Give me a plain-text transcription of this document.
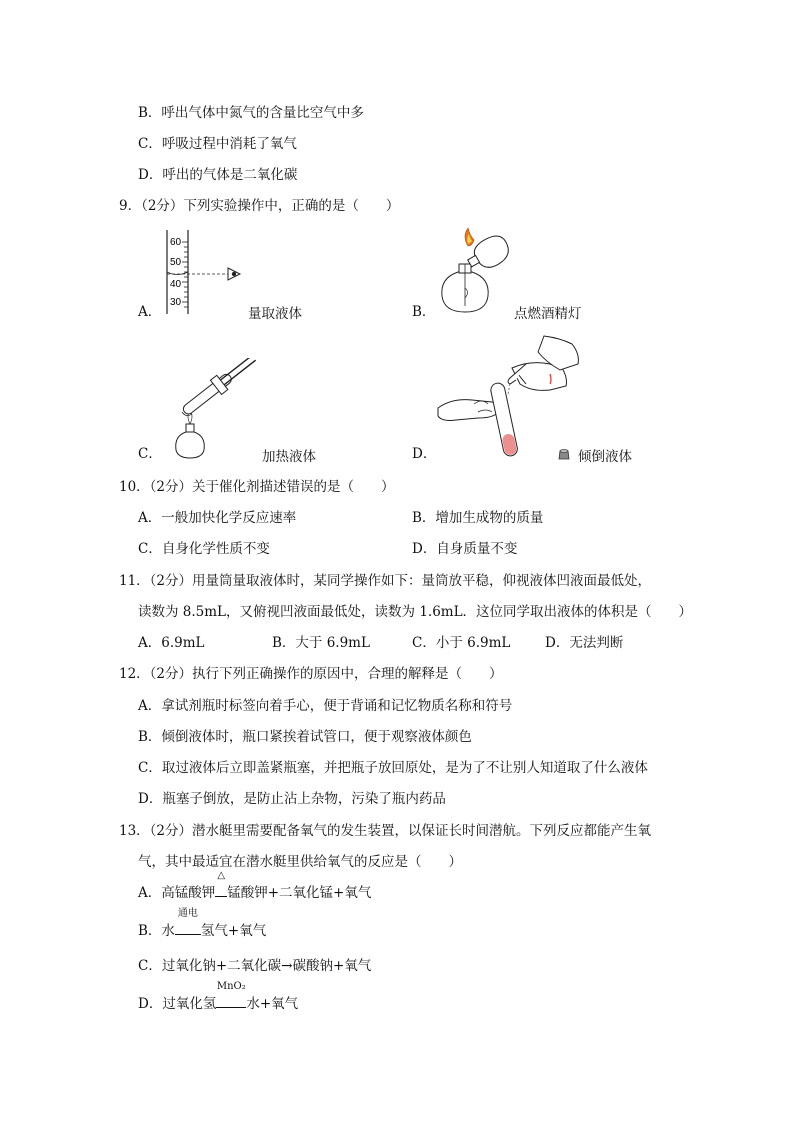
B．呼出气体中氮气的含量比空气中多
C．呼吸过程中消耗了氧气
D．呼出的气体是二氧化碳
9．（2分）下列实验操作中，正确的是（　　）
A．
60
50
40
30
量取液体	B．	点燃酒精灯
C．	加热液体	D．	倾倒液体
10．（2分）关于催化剂描述错误的是（　　）
A．一般加快化学反应速率	B．增加生成物的质量
C．自身化学性质不变	D．自身质量不变
11．（2分）用量筒量取液体时，某同学操作如下：量筒放平稳，仰视液体凹液面最低处，
读数为 8.5mL，又俯视凹液面最低处，读数为 1.6mL．这位同学取出液体的体积是（　　）
A．6.9mL	B．大于 6.9mL	C．小于 6.9mL	D．无法判断
12．（2分）执行下列正确操作的原因中，合理的解释是（　　）
A．拿试剂瓶时标签向着手心，便于背诵和记忆物质名称和符号
B．倾倒液体时，瓶口紧挨着试管口，便于观察液体颜色
C．取过液体后立即盖紧瓶塞，并把瓶子放回原处，是为了不让别人知道取了什么液体
D．瓶塞子倒放，是防止沾上杂物，污染了瓶内药品
13．（2分）潜水艇里需要配备氧气的发生装置，以保证长时间潜航。下列反应都能产生氧
气，其中最适宜在潜水艇里供给氧气的反应是（　　）
A．高锰酸钾
△
锰酸钾+二氧化锰+氧气
B．水
通电
氢气+氧气
C．过氧化钠+二氧化碳→碳酸钠+氧气
D．过氧化氢
MnO₂
水+氧气
